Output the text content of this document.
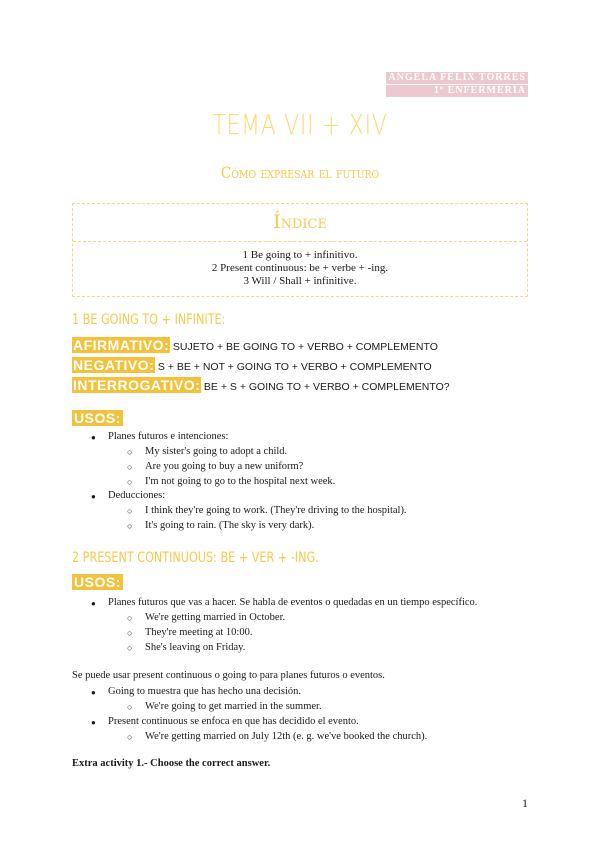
ÁNGELA FÉLIX TORRES
1º ENFERMERÍA
TEMA VII + XIV
Cómo expresar el futuro
Índice
1 Be going to + infinitivo.
2 Present continuous: be + verbe + -ing.
3 Will / Shall + infinitive.
1 BE GOING TO + INFINITE:
AFIRMATIVO: SUJETO + BE GOING TO + VERBO + COMPLEMENTO
NEGATIVO: S + BE + NOT + GOING TO + VERBO + COMPLEMENTO
INTERROGATIVO: BE + S + GOING TO + VERBO + COMPLEMENTO?
USOS:
● Planes futuros e intenciones:
○ My sister's going to adopt a child.
○ Are you going to buy a new uniform?
○ I'm not going to go to the hospital next week.
● Deducciones:
○ I think they're going to work. (They're driving to the hospital).
○ It's going to rain. (The sky is very dark).
2 PRESENT CONTINUOUS: BE + VER + -ING.
USOS:
● Planes futuros que vas a hacer. Se habla de eventos o quedadas en un tiempo específico.
○ We're getting married in October.
○ They're meeting at 10:00.
○ She's leaving on Friday.
Se puede usar present continuous o going to para planes futuros o eventos.
● Going to muestra que has hecho una decisión.
○ We're going to get married in the summer.
● Present continuous se enfoca en que has decidido el evento.
○ We're getting married on July 12th (e. g. we've booked the church).
Extra activity 1.- Choose the correct answer.
1
